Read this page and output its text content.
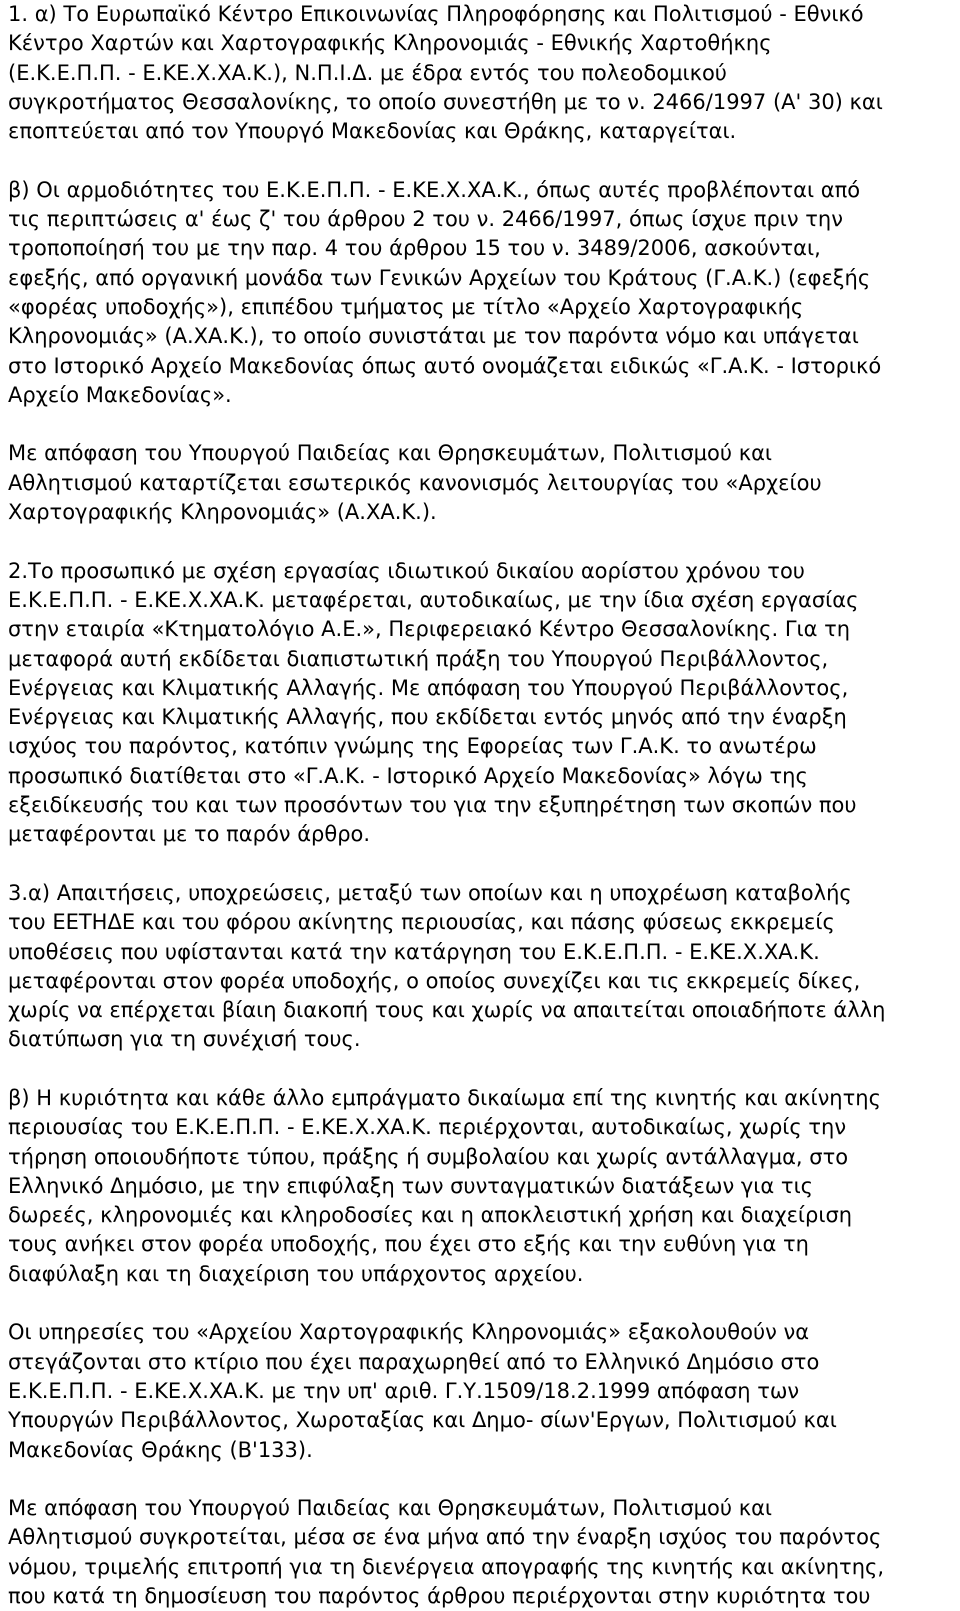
1. α) Το Ευρωπαϊκό Κέντρο Επικοινωνίας Πληροφόρησης και Πολιτισμού - Εθνικό
Κέντρο Χαρτών και Χαρτογραφικής Κληρονομιάς - Εθνικής Χαρτοθήκης
(Ε.Κ.Ε.Π.Π. - Ε.ΚΕ.Χ.ΧΑ.Κ.), Ν.Π.Ι.Δ. με έδρα εντός του πολεοδομικού
συγκροτήματος Θεσσαλονίκης, το οποίο συνεστήθη με το ν. 2466/1997 (Α' 30) και
εποπτεύεται από τον Υπουργό Μακεδονίας και Θράκης, καταργείται.
β) Οι αρμοδιότητες του Ε.Κ.Ε.Π.Π. - Ε.ΚΕ.Χ.ΧΑ.Κ., όπως αυτές προβλέπονται από
τις περιπτώσεις α' έως ζ' του άρθρου 2 του ν. 2466/1997, όπως ίσχυε πριν την
τροποποίησή του με την παρ. 4 του άρθρου 15 του ν. 3489/2006, ασκούνται,
εφεξής, από οργανική μονάδα των Γενικών Αρχείων του Κράτους (Γ.Α.Κ.) (εφεξής
«φορέας υποδοχής»), επιπέδου τμήματος με τίτλο «Αρχείο Χαρτογραφικής
Κληρονομιάς» (Α.ΧΑ.Κ.), το οποίο συνιστάται με τον παρόντα νόμο και υπάγεται
στο Ιστορικό Αρχείο Μακεδονίας όπως αυτό ονομάζεται ειδικώς «Γ.Α.Κ. - Ιστορικό
Αρχείο Μακεδονίας».
Με απόφαση του Υπουργού Παιδείας και Θρησκευμάτων, Πολιτισμού και
Αθλητισμού καταρτίζεται εσωτερικός κανονισμός λειτουργίας του «Αρχείου
Χαρτογραφικής Κληρονομιάς» (Α.ΧΑ.Κ.).
2.Το προσωπικό με σχέση εργασίας ιδιωτικού δικαίου αορίστου χρόνου του
Ε.Κ.Ε.Π.Π. - Ε.ΚΕ.Χ.ΧΑ.Κ. μεταφέρεται, αυτοδικαίως, με την ίδια σχέση εργασίας
στην εταιρία «Κτηματολόγιο Α.Ε.», Περιφερειακό Κέντρο Θεσσαλονίκης. Για τη
μεταφορά αυτή εκδίδεται διαπιστωτική πράξη του Υπουργού Περιβάλλοντος,
Ενέργειας και Κλιματικής Αλλαγής. Με απόφαση του Υπουργού Περιβάλλοντος,
Ενέργειας και Κλιματικής Αλλαγής, που εκδίδεται εντός μηνός από την έναρξη
ισχύος του παρόντος, κατόπιν γνώμης της Εφορείας των Γ.Α.Κ. το ανωτέρω
προσωπικό διατίθεται στο «Γ.Α.Κ. - Ιστορικό Αρχείο Μακεδονίας» λόγω της
εξειδίκευσής του και των προσόντων του για την εξυπηρέτηση των σκοπών που
μεταφέρονται με το παρόν άρθρο.
3.α) Απαιτήσεις, υποχρεώσεις, μεταξύ των οποίων και η υποχρέωση καταβολής
του ΕΕΤΗΔΕ και του φόρου ακίνητης περιουσίας, και πάσης φύσεως εκκρεμείς
υποθέσεις που υφίστανται κατά την κατάργηση του Ε.Κ.Ε.Π.Π. - Ε.ΚΕ.Χ.ΧΑ.Κ.
μεταφέρονται στον φορέα υποδοχής, ο οποίος συνεχίζει και τις εκκρεμείς δίκες,
χωρίς να επέρχεται βίαιη διακοπή τους και χωρίς να απαιτείται οποιαδήποτε άλλη
διατύπωση για τη συνέχισή τους.
β) Η κυριότητα και κάθε άλλο εμπράγματο δικαίωμα επί της κινητής και ακίνητης
περιουσίας του Ε.Κ.Ε.Π.Π. - Ε.ΚΕ.Χ.ΧΑ.Κ. περιέρχονται, αυτοδικαίως, χωρίς την
τήρηση οποιουδήποτε τύπου, πράξης ή συμβολαίου και χωρίς αντάλλαγμα, στο
Ελληνικό Δημόσιο, με την επιφύλαξη των συνταγματικών διατάξεων για τις
δωρεές, κληρονομιές και κληροδοσίες και η αποκλειστική χρήση και διαχείριση
τους ανήκει στον φορέα υποδοχής, που έχει στο εξής και την ευθύνη για τη
διαφύλαξη και τη διαχείριση του υπάρχοντος αρχείου.
Οι υπηρεσίες του «Αρχείου Χαρτογραφικής Κληρονομιάς» εξακολουθούν να
στεγάζονται στο κτίριο που έχει παραχωρηθεί από το Ελληνικό Δημόσιο στο
Ε.Κ.Ε.Π.Π. - Ε.ΚΕ.Χ.ΧΑ.Κ. με την υπ' αριθ. Γ.Υ.1509/18.2.1999 απόφαση των
Υπουργών Περιβάλλοντος, Χωροταξίας και Δημο- σίων'Εργων, Πολιτισμού και
Μακεδονίας Θράκης (Β'133).
Με απόφαση του Υπουργού Παιδείας και Θρησκευμάτων, Πολιτισμού και
Αθλητισμού συγκροτείται, μέσα σε ένα μήνα από την έναρξη ισχύος του παρόντος
νόμου, τριμελής επιτροπή για τη διενέργεια απογραφής της κινητής και ακίνητης,
που κατά τη δημοσίευση του παρόντος άρθρου περιέρχονται στην κυριότητα του
